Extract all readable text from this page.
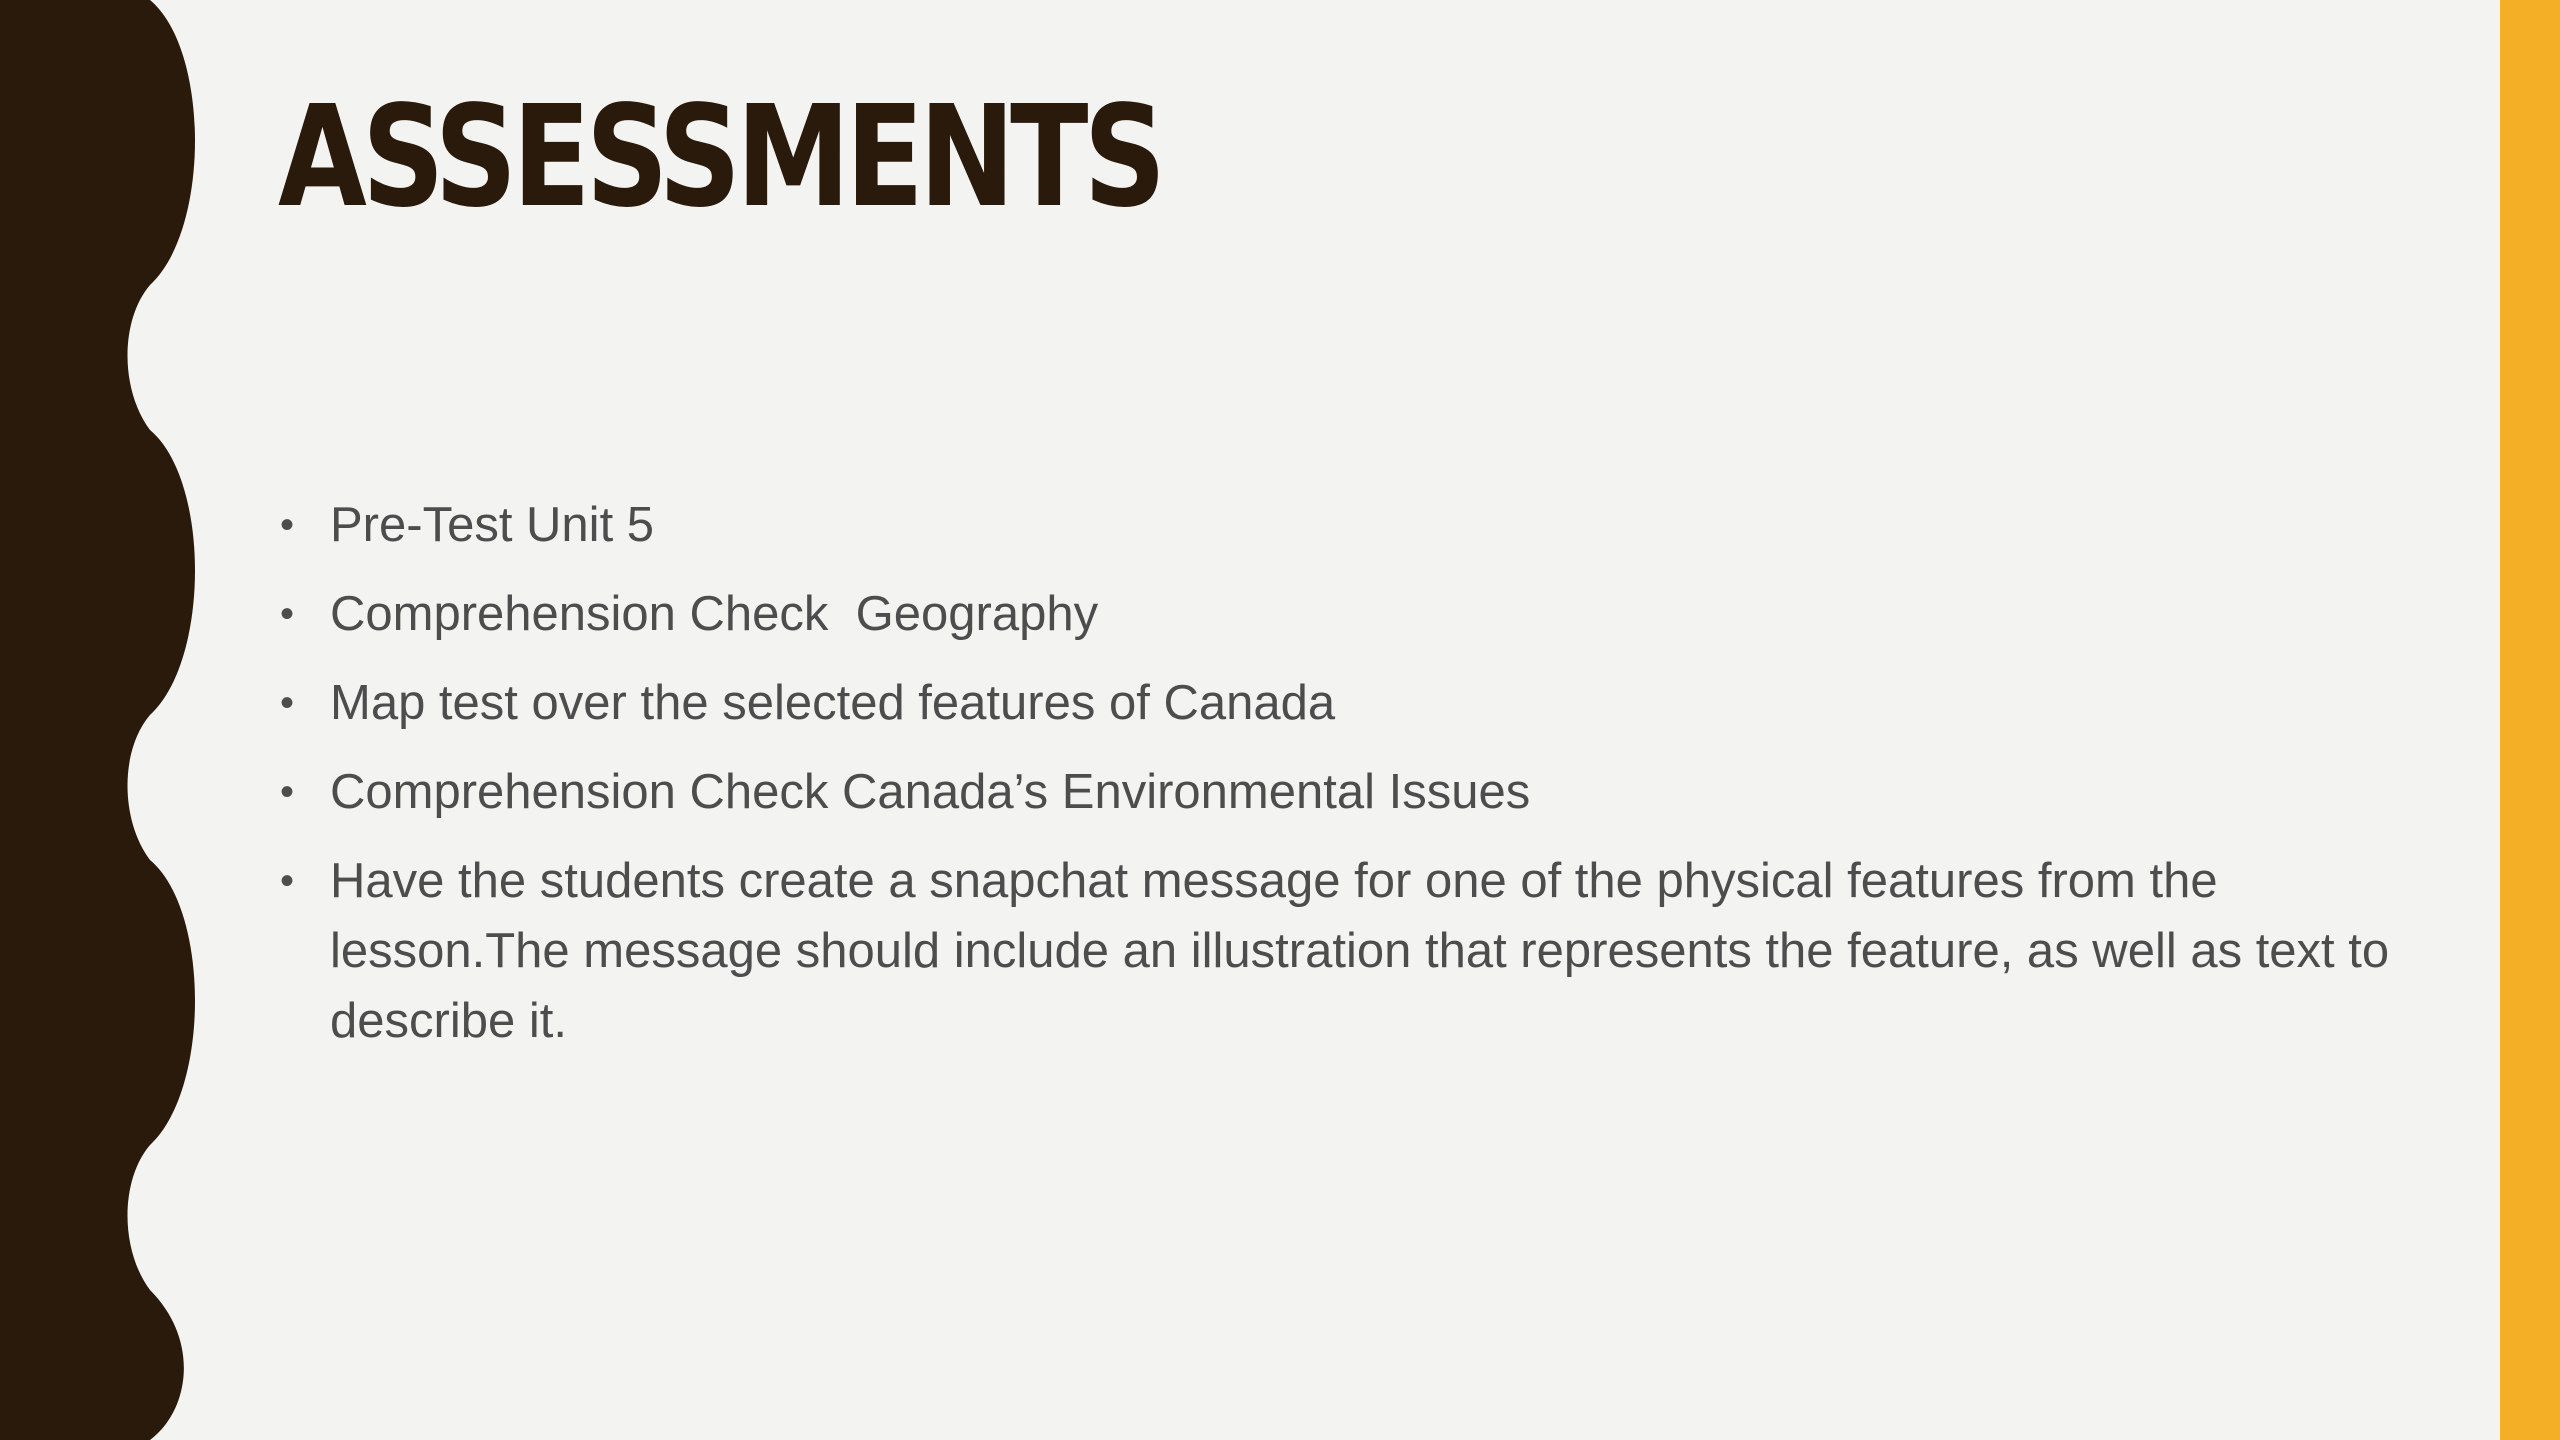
ASSESSMENTS
• Pre-Test Unit 5
• Comprehension Check  Geography
• Map test over the selected features of Canada
• Comprehension Check Canada’s Environmental Issues
• Have the students create a snapchat message for one of the physical features from the lesson.The message should include an illustration that represents the feature, as well as text to describe it.
